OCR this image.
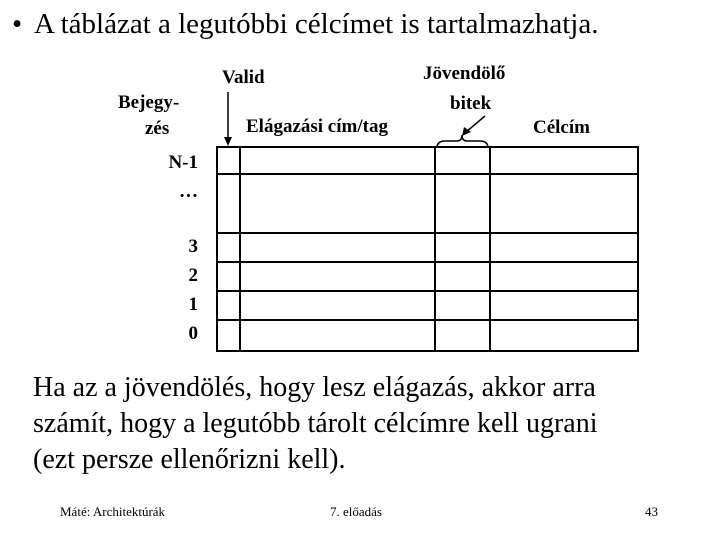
• A táblázat a legutóbbi célcímet is tartalmazhatja.
Bejegy-
zés
Valid
Elágazási cím/tag
Jövendölő
bitek
Célcím
N-1
…
3
2
1
0
Ha az a jövendölés, hogy lesz elágazás, akkor arra
számít, hogy a legutóbb tárolt célcímre kell ugrani
(ezt persze ellenőrizni kell).
Máté: Architektúrák	7. előadás	43
